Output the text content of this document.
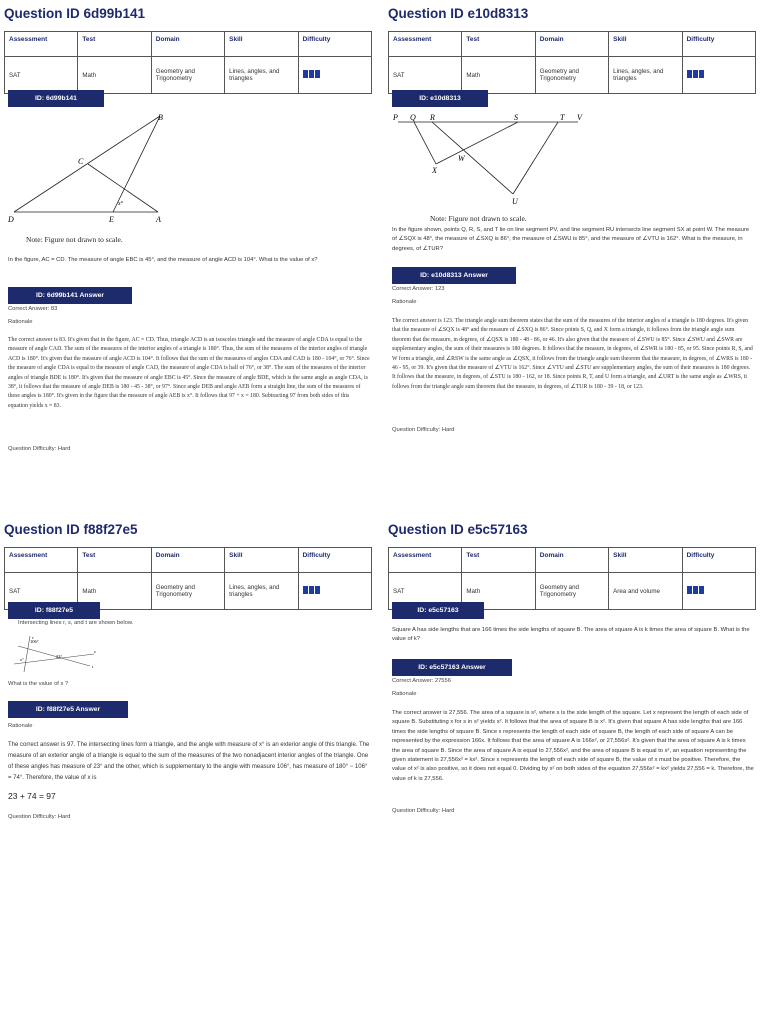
Question ID 6d99b141
Assessment	Test	Domain	Skill	Difficulty
SAT	Math	Geometry and Trigonometry	Lines, angles, and triangles	
ID: 6d99b141
B
C
x°
D	E	A
Note: Figure not drawn to scale.
In the figure, AC = CD. The measure of angle EBC is 45°, and the measure of angle ACD is 104°. What is the value of x?
ID: 6d99b141 Answer
Correct Answer: 83
Rationale
The correct answer is 83. It's given that in the figure, AC = CD. Thus, triangle ACD is an isosceles triangle and the measure of angle CDA is equal to the measure of angle CAD. The sum of the measures of the interior angles of a triangle is 180°. Thus, the sum of the measures of the interior angles of triangle ACD is 180°. It's given that the measure of angle ACD is 104°. It follows that the sum of the measures of angles CDA and CAD is 180 - 104°, or 76°. Since the measure of angle CDA is equal to the measure of angle CAD, the measure of angle CDA is half of 76°, or 38°. The sum of the measures of the interior angles of triangle BDE is 180°. It's given that the measure of angle EBC is 45°. Since the measure of angle BDE, which is the same angle as angle CDA, is 38°, it follows that the measure of angle DEB is 180 - 45 - 38°, or 97°. Since angle DEB and angle AEB form a straight line, the sum of the measures of these angles is 180°. It's given in the figure that the measure of angle AEB is x°. It follows that 97 + x = 180. Subtracting 97 from both sides of this equation yields x = 83.
Question Difficulty: Hard
Question ID e10d8313
Assessment	Test	Domain	Skill	Difficulty
SAT	Math	Geometry and Trigonometry	Lines, angles, and triangles	
ID: e10d8313
P Q R	S	T V
W
X
U
Note: Figure not drawn to scale.
In the figure shown, points Q, R, S, and T lie on line segment PV, and line segment RU intersects line segment SX at point W. The measure of ∠SQX is 48°, the measure of ∠SXQ is 86°, the measure of ∠SWU is 85°, and the measure of ∠VTU is 162°. What is the measure, in degrees, of ∠TUR?
ID: e10d8313 Answer
Correct Answer: 123
Rationale
The correct answer is 123. The triangle angle sum theorem states that the sum of the measures of the interior angles of a triangle is 180 degrees. It's given that the measure of ∠SQX is 48° and the measure of ∠SXQ is 86°. Since points S, Q, and X form a triangle, it follows from the triangle angle sum theorem that the measure, in degrees, of ∠QSX is 180 - 48 - 86, or 46. It's also given that the measure of ∠SWU is 85°. Since ∠SWU and ∠SWR are supplementary angles, the sum of their measures is 180 degrees. It follows that the measure, in degrees, of ∠SWR is 180 - 85, or 95. Since points R, S, and W form a triangle, and ∠RSW is the same angle as ∠QSX, it follows from the triangle angle sum theorem that the measure, in degrees, of ∠WRS is 180 - 46 - 95, or 39. It's given that the measure of ∠VTU is 162°. Since ∠VTU and ∠STU are supplementary angles, the sum of their measures is 180 degrees. It follows that the measure, in degrees, of ∠STU is 180 - 162, or 18. Since points R, T, and U form a triangle, and ∠URT is the same angle as ∠WRS, it follows from the triangle angle sum theorem that the measure, in degrees, of ∠TUR is 180 - 39 - 18, or 123.
Question Difficulty: Hard
Question ID f88f27e5
Assessment	Test	Domain	Skill	Difficulty
SAT	Math	Geometry and Trigonometry	Lines, angles, and triangles	
ID: f88f27e5
Intersecting lines r, s, and t are shown below.
106°
x°
23°
r
s
t
What is the value of x ?
ID: f88f27e5 Answer
Rationale
The correct answer is 97. The intersecting lines form a triangle, and the angle with measure of x° is an exterior angle of this triangle. The measure of an exterior angle of a triangle is equal to the sum of the measures of the two nonadjacent interior angles of the triangle. One of these angles has measure of 23° and the other, which is supplementary to the angle with measure 106°, has measure of 180° − 106° = 74°. Therefore, the value of x is
23 + 74 = 97
Question Difficulty: Hard
Question ID e5c57163
Assessment	Test	Domain	Skill	Difficulty
SAT	Math	Geometry and Trigonometry	Area and volume	
ID: e5c57163
Square A has side lengths that are 166 times the side lengths of square B. The area of square A is k times the area of square B. What is the value of k?
ID: e5c57163 Answer
Correct Answer: 27556
Rationale
The correct answer is 27,556. The area of a square is s², where s is the side length of the square. Let x represent the length of each side of square B. Substituting x for s in s² yields x². It follows that the area of square B is x². It's given that square A has side lengths that are 166 times the side lengths of square B. Since x represents the length of each side of square B, the length of each side of square A can be represented by the expression 166x. It follows that the area of square A is 166x², or 27,556x². It's given that the area of square A is k times the area of square B. Since the area of square A is equal to 27,556x², and the area of square B is equal to x², an equation representing the given statement is 27,556x² = kx². Since x represents the length of each side of square B, the value of x must be positive. Therefore, the value of x² is also positive, so it does not equal 0. Dividing by x² on both sides of the equation 27,556x² = kx² yields 27,556 = k. Therefore, the value of k is 27,556.
Question Difficulty: Hard
